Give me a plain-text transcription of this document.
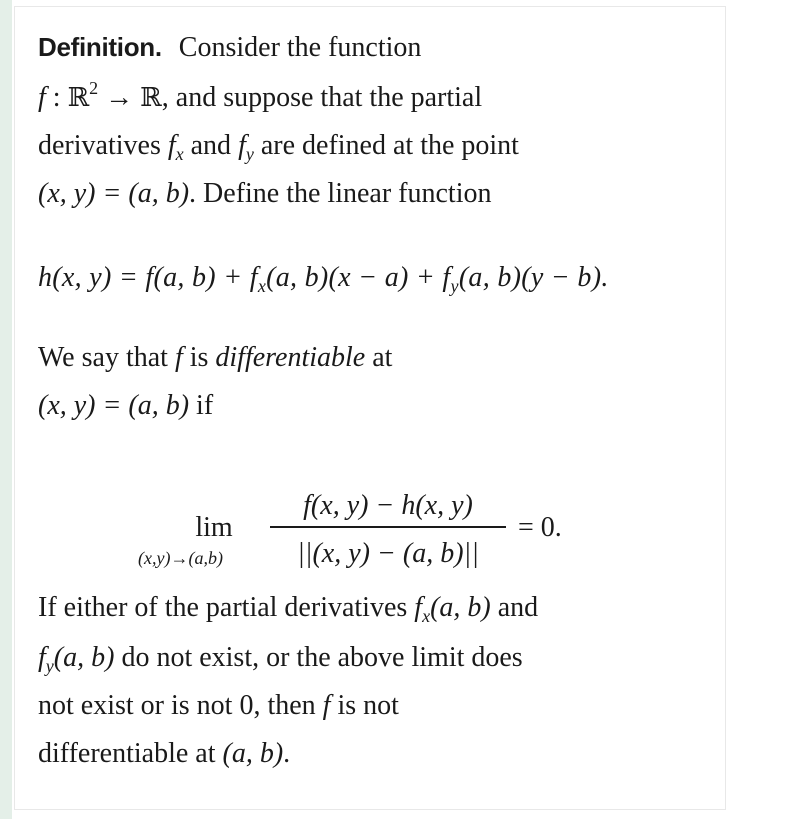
Definition. Consider the function
f : ℝ$^2$ → ℝ, and suppose that the partial
derivatives $f_x$ and $f_y$ are defined at the point
(x, y) = (a, b). Define the linear function
h(x, y) = f(a, $b) + f_x(a$, $b)(x - a) + f_y(a$, b)(y − b).
We say that f is differentiable at
(x, y) = (a, b) if
lim
(x,y)→(a,b)
f(x, y) − h(x, y)
||(x, y) − (a, b)||
= 0.
If either of the partial derivatives $f_x(a$, b) and
$f_y(a$, b) do not exist, or the above limit does
not exist or is not 0, then f is not
differentiable at (a, b).
